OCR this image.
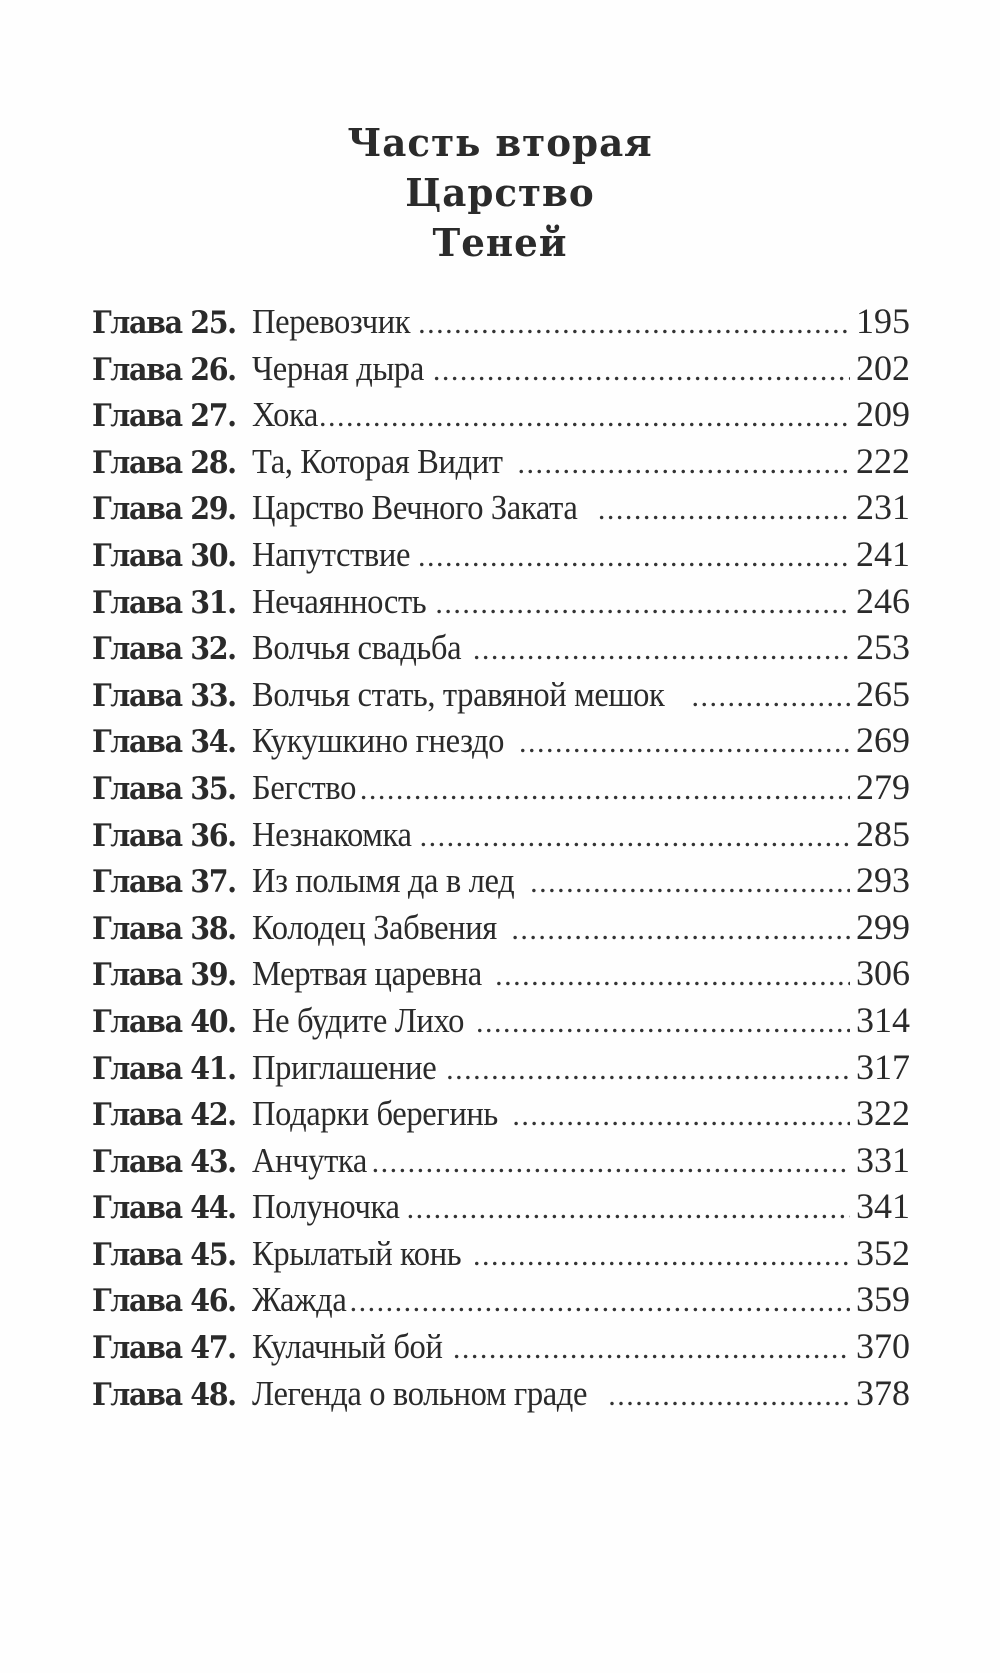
Часть вторая
Царство
Теней
Глава 25. Перевозчик . . .	195
Глава 26. Черная дыра . . .	202
Глава 27. Хока . . .	209
Глава 28. Та, Которая Видит . . .	222
Глава 29. Царство Вечного Заката . . .	231
Глава 30. Напутствие . . .	241
Глава 31. Нечаянность . . .	246
Глава 32. Волчья свадьба . . .	253
Глава 33. Волчья стать, травяной мешок . . .	265
Глава 34. Кукушкино гнездо . . .	269
Глава 35. Бегство . . .	279
Глава 36. Незнакомка . . .	285
Глава 37. Из полымя да в лед . . .	293
Глава 38. Колодец Забвения . . .	299
Глава 39. Мертвая царевна . . .	306
Глава 40. Не будите Лихо . . .	314
Глава 41. Приглашение . . .	317
Глава 42. Подарки берегинь . . .	322
Глава 43. Анчутка . . .	331
Глава 44. Полуночка . . .	341
Глава 45. Крылатый конь . . .	352
Глава 46. Жажда . . .	359
Глава 47. Кулачный бой . . .	370
Глава 48. Легенда о вольном граде . . .	378
